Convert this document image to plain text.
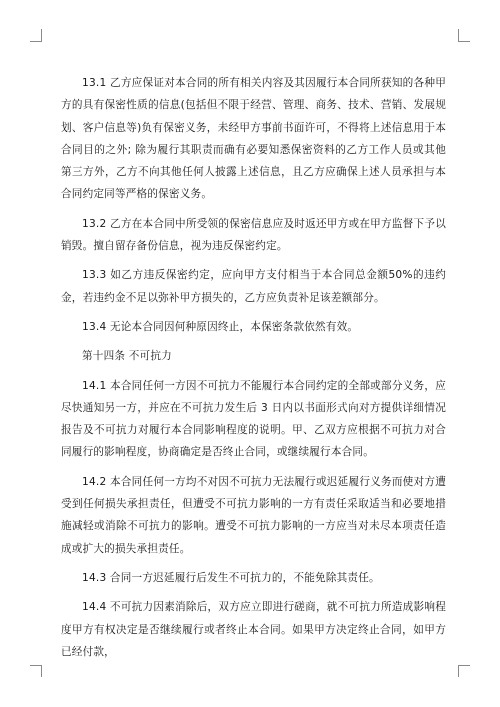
13.1 乙方应保证对本合同的所有相关内容及其因履行本合同所获知的各种甲方的具有保密性质的信息(包括但不限于经营、管理、商务、技术、营销、发展规划、客户信息等)负有保密义务，未经甲方事前书面许可，不得将上述信息用于本合同目的之外; 除为履行其职责而确有必要知悉保密资料的乙方工作人员或其他第三方外，乙方不向其他任何人披露上述信息，且乙方应确保上述人员承担与本合同约定同等严格的保密义务。

13.2 乙方在本合同中所受领的保密信息应及时返还甲方或在甲方监督下予以销毁。擅自留存备份信息，视为违反保密约定。

13.3 如乙方违反保密约定，应向甲方支付相当于本合同总金额50%的违约金，若违约金不足以弥补甲方损失的，乙方应负责补足该差额部分。

13.4 无论本合同因何种原因终止，本保密条款依然有效。

第十四条 不可抗力

14.1 本合同任何一方因不可抗力不能履行本合同约定的全部或部分义务，应尽快通知另一方，并应在不可抗力发生后 3 日内以书面形式向对方提供详细情况报告及不可抗力对履行本合同影响程度的说明。甲、乙双方应根据不可抗力对合同履行的影响程度，协商确定是否终止合同，或继续履行本合同。

14.2 本合同任何一方均不对因不可抗力无法履行或迟延履行义务而使对方遭受到任何损失承担责任，但遭受不可抗力影响的一方有责任采取适当和必要地措施减轻或消除不可抗力的影响。遭受不可抗力影响的一方应当对未尽本项责任造成或扩大的损失承担责任。

14.3 合同一方迟延履行后发生不可抗力的，不能免除其责任。

14.4 不可抗力因素消除后，双方应立即进行磋商，就不可抗力所造成影响程度甲方有权决定是否继续履行或者终止本合同。如果甲方决定终止合同，如甲方已经付款，
